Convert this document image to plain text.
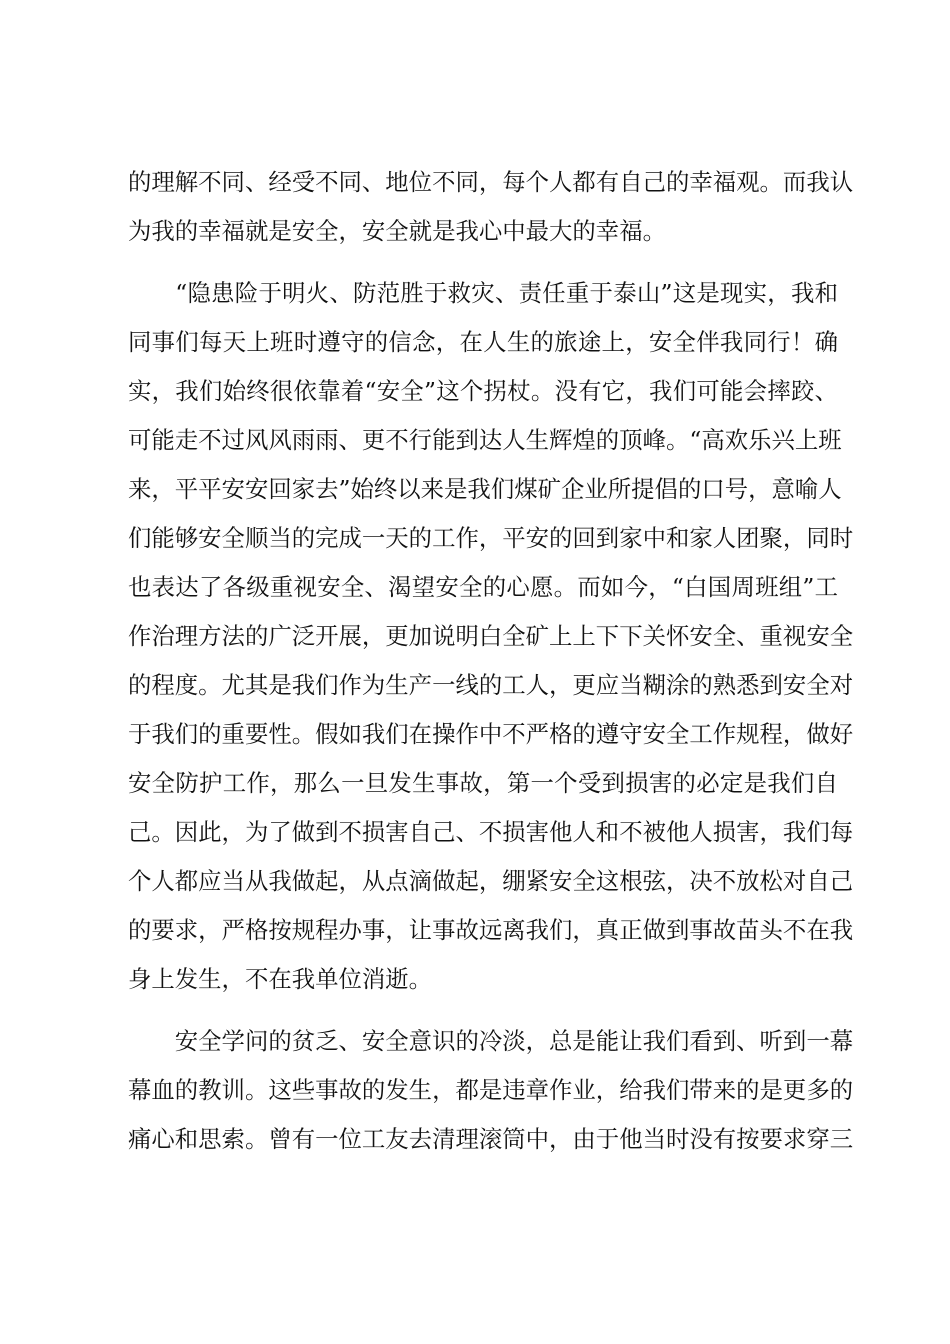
的理解不同、经受不同、地位不同，每个人都有自己的幸福观。而我认
为我的幸福就是安全，安全就是我心中最大的幸福。

　　“隐患险于明火、防范胜于救灾、责任重于泰山”这是现实，我和
同事们每天上班时遵守的信念，在人生的旅途上，安全伴我同行！确
实，我们始终很依靠着“安全”这个拐杖。没有它，我们可能会摔跤、
可能走不过风风雨雨、更不行能到达人生辉煌的顶峰。“高欢乐兴上班
来，平平安安回家去”始终以来是我们煤矿企业所提倡的口号，意喻人
们能够安全顺当的完成一天的工作，平安的回到家中和家人团聚，同时
也表达了各级重视安全、渴望安全的心愿。而如今，“白国周班组”工
作治理方法的广泛开展，更加说明白全矿上上下下关怀安全、重视安全
的程度。尤其是我们作为生产一线的工人，更应当糊涂的熟悉到安全对
于我们的重要性。假如我们在操作中不严格的遵守安全工作规程，做好
安全防护工作，那么一旦发生事故，第一个受到损害的必定是我们自
己。因此，为了做到不损害自己、不损害他人和不被他人损害，我们每
个人都应当从我做起，从点滴做起，绷紧安全这根弦，决不放松对自己
的要求，严格按规程办事，让事故远离我们，真正做到事故苗头不在我
身上发生，不在我单位消逝。

　　安全学问的贫乏、安全意识的冷淡，总是能让我们看到、听到一幕
幕血的教训。这些事故的发生，都是违章作业，给我们带来的是更多的
痛心和思索。曾有一位工友去清理滚筒中，由于他当时没有按要求穿三
